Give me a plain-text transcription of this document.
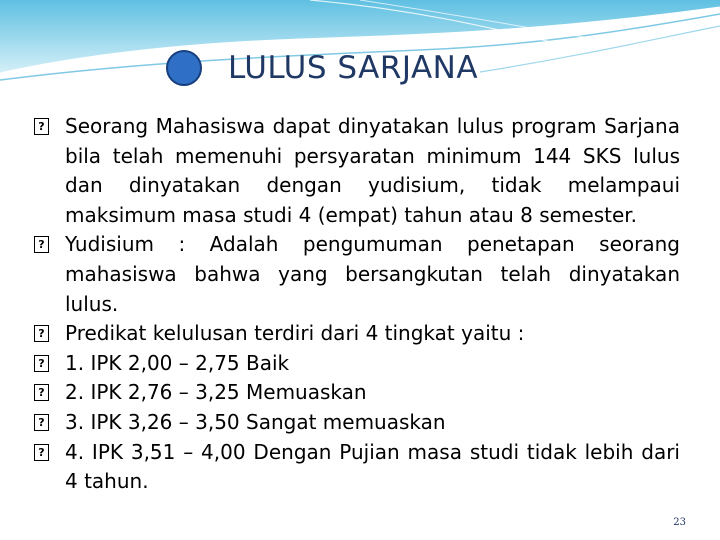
LULUS SARJANA
? Seorang Mahasiswa dapat dinyatakan lulus program Sarjana bila telah memenuhi persyaratan minimum 144 SKS lulus dan dinyatakan dengan yudisium, tidak melampaui maksimum masa studi 4 (empat) tahun atau 8 semester.
? Yudisium : Adalah pengumuman penetapan seorang mahasiswa bahwa yang bersangkutan telah dinyatakan lulus.
? Predikat kelulusan terdiri dari 4 tingkat yaitu :
? 1. IPK 2,00 – 2,75 Baik
? 2. IPK 2,76 – 3,25 Memuaskan
? 3. IPK 3,26 – 3,50 Sangat memuaskan
? 4. IPK 3,51 – 4,00 Dengan Pujian masa studi tidak lebih dari 4 tahun.
23
